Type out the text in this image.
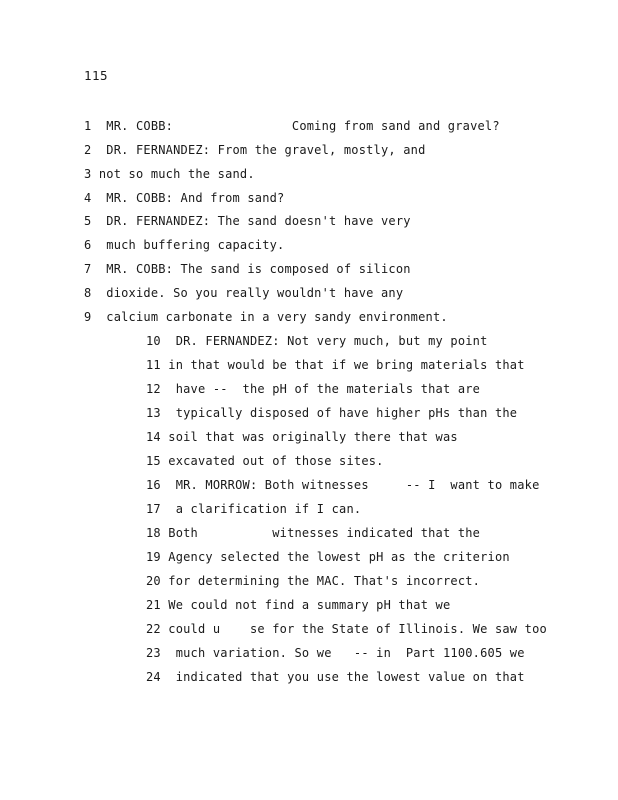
115
1  MR. COBB:                Coming from sand and gravel?
2  DR. FERNANDEZ: From the gravel, mostly, and
3 not so much the sand.
4  MR. COBB: And from sand?
5  DR. FERNANDEZ: The sand doesn't have very
6  much buffering capacity.
7  MR. COBB: The sand is composed of silicon
8  dioxide. So you really wouldn't have any
9  calcium carbonate in a very sandy environment.
10  DR. FERNANDEZ: Not very much, but my point
11 in that would be that if we bring materials that
12  have --  the pH of the materials that are
13  typically disposed of have higher pHs than the
14 soil that was originally there that was
15 excavated out of those sites.
16  MR. MORROW: Both witnesses     -- I  want to make
17  a clarification if I can.
18 Both          witnesses indicated that the
19 Agency selected the lowest pH as the criterion
20 for determining the MAC. That's incorrect.
21 We could not find a summary pH that we
22 could u    se for the State of Illinois. We saw too
23  much variation. So we   -- in  Part 1100.605 we
24  indicated that you use the lowest value on that
